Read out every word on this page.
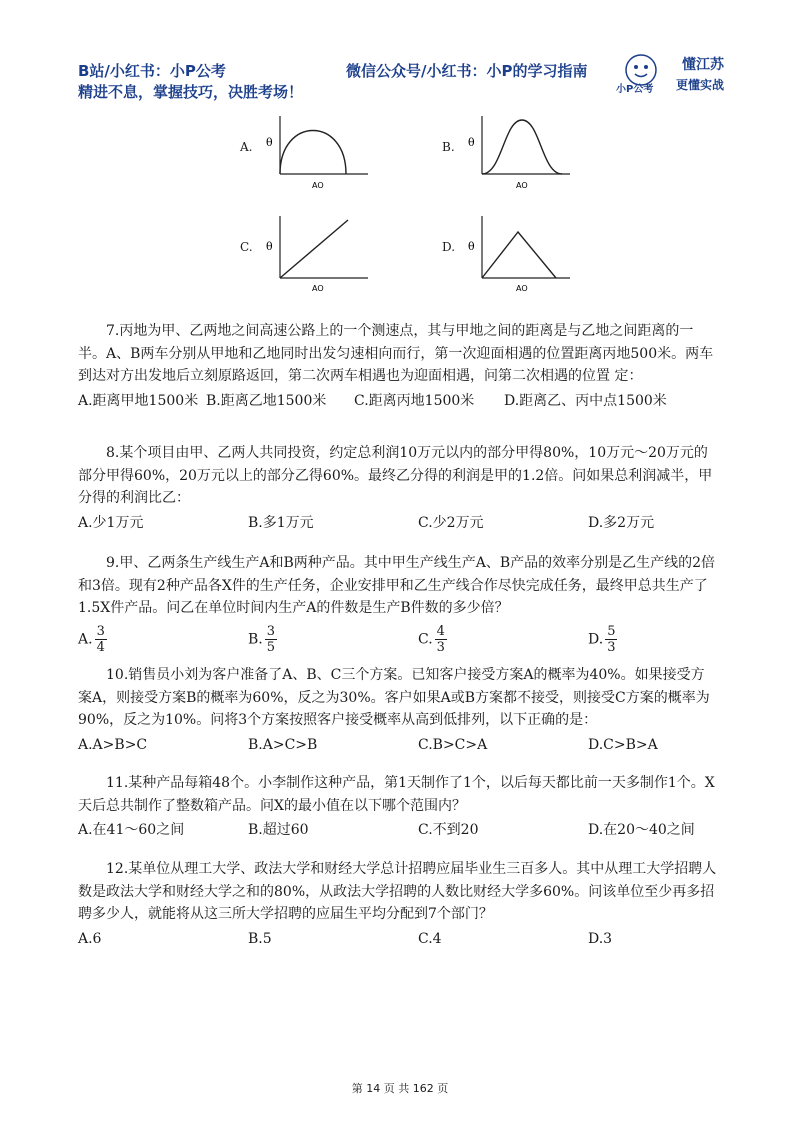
B站/小红书：小P公考
精进不息，掌握技巧，决胜考场！
微信公众号/小红书：小P的学习指南
小P公考
懂江苏
更懂实战
A. θ
AO
B. θ
AO
C. θ
AO
D. θ
AO

7.丙地为甲、乙两地之间高速公路上的一个测速点，其与甲地之间的距离是与乙地之间距离的一半。A、B两车分别从甲地和乙地同时出发匀速相向而行，第一次迎面相遇的位置距离丙地500米。两车到达对方出发地后立刻原路返回，第二次两车相遇也为迎面相遇，问第二次相遇的位置 定：

A.距离甲地1500米 B.距离乙地1500米	C.距离丙地1500米	D.距离乙、丙中点1500米

8.某个项目由甲、乙两人共同投资，约定总利润10万元以内的部分甲得80%，10万元～20万元的部分甲得60%，20万元以上的部分乙得60%。最终乙分得的利润是甲的1.2倍。问如果总利润减半，甲分得的利润比乙：

A.少1万元	B.多1万元	C.少2万元	D.多2万元

9.甲、乙两条生产线生产A和B两种产品。其中甲生产线生产A、B产品的效率分别是乙生产线的2倍和3倍。现有2种产品各X件的生产任务，企业安排甲和乙生产线合作尽快完成任务，最终甲总共生产了1.5X件产品。问乙在单位时间内生产A的件数是生产B件数的多少倍？

A. $\frac{3}{4}$	B. $\frac{3}{5}$	C. $\frac{4}{3}$	D. $\frac{5}{3}$

10.销售员小刘为客户准备了A、B、C三个方案。已知客户接受方案A的概率为40%。如果接受方案A，则接受方案B的概率为60%，反之为30%。客户如果A或B方案都不接受，则接受C方案的概率为90%，反之为10%。问将3个方案按照客户接受概率从高到低排列，以下正确的是：

A.A>B>C	B.A>C>B	C.B>C>A	D.C>B>A

11.某种产品每箱48个。小李制作这种产品，第1天制作了1个，以后每天都比前一天多制作1个。X天后总共制作了整数箱产品。问X的最小值在以下哪个范围内？

A.在41～60之间	B.超过60	C.不到20	D.在20～40之间

12.某单位从理工大学、政法大学和财经大学总计招聘应届毕业生三百多人。其中从理工大学招聘人数是政法大学和财经大学之和的80%，从政法大学招聘的人数比财经大学多60%。问该单位至少再多招聘多少人，就能将从这三所大学招聘的应届生平均分配到7个部门？

A.6	B.5	C.4	D.3
第 14 页 共 162 页
